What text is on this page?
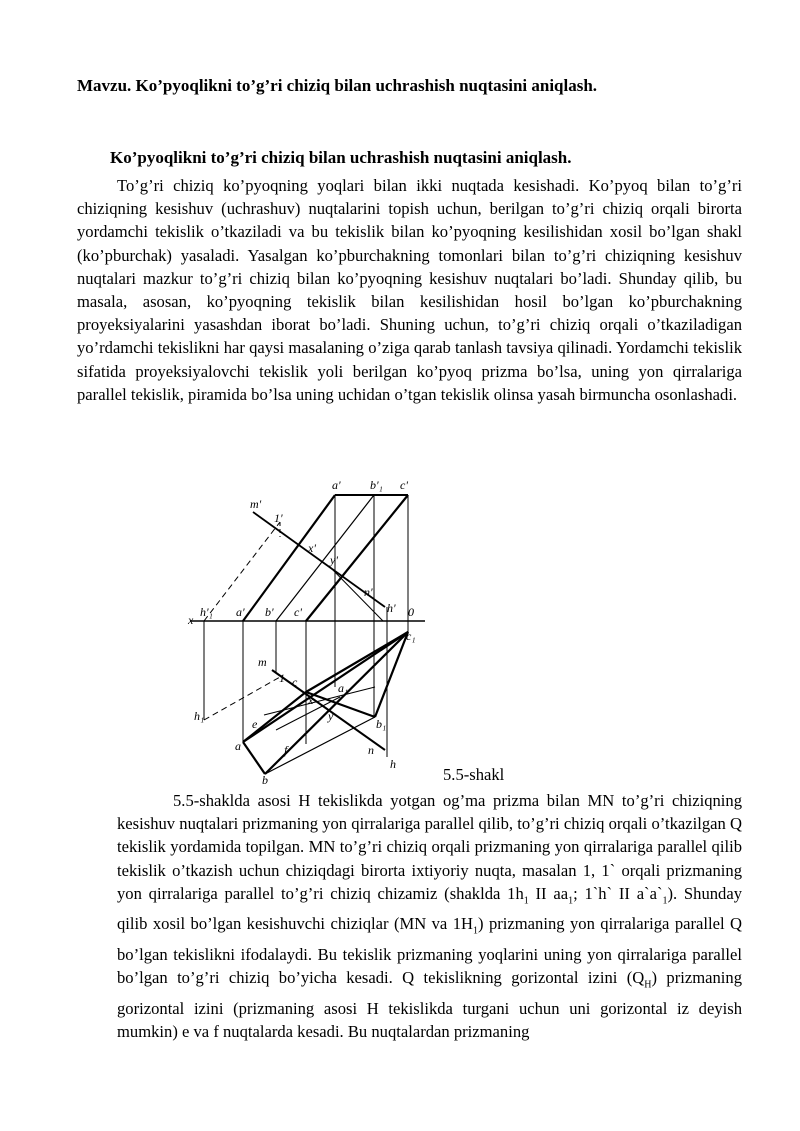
Mavzu. Ko’pyoqlikni to’g’ri chiziq bilan uchrashish nuqtasini aniqlash.
Ko’pyoqlikni to’g’ri chiziq bilan uchrashish nuqtasini aniqlash.
To’g’ri chiziq ko’pyoqning yoqlari bilan ikki nuqtada kesishadi. Ko’pyoq bilan to’g’ri chiziqning kesishuv (uchrashuv) nuqtalarini topish uchun, berilgan to’g’ri chiziq orqali birorta yordamchi tekislik o’tkaziladi va bu tekislik bilan ko’pyoqning kesilishidan xosil bo’lgan shakl (ko’pburchak) yasaladi. Yasalgan ko’pburchakning tomonlari bilan to’g’ri chiziqning kesishuv nuqtalari mazkur to’g’ri chiziq bilan ko’pyoqning kesishuv nuqtalari bo’ladi. Shunday qilib, bu masala, asosan, ko’pyoqning tekislik bilan kesilishidan hosil bo’lgan ko’pburchakning proyeksiyalarini yasashdan iborat bo’ladi. Shuning uchun, to’g’ri chiziq orqali o’tkaziladigan yo’rdamchi tekislikni har qaysi masalaning o’ziga qarab tanlash tavsiya qilinadi. Yordamchi tekislik sifatida proyeksiyalovchi tekislik yoli berilgan ko’pyoq prizma bo’lsa, uning yon qirralariga parallel tekislik, piramida bo’lsa uning uchidan o’tgan tekislik olinsa yasah birmuncha osonlashadi.
a' b'₁ c'
m'
1'
x'
y'
n'
h' 0
x
h'₁ a' b' c'
c₁
m
1 c	a₁
x
y
h₁
e	b₁
a	f	n
h
b	5.5-shakl
5.5-shaklda asosi H tekislikda yotgan og’ma prizma bilan MN to’g’ri chiziqning kesishuv nuqtalari prizmaning yon qirralariga parallel qilib, to’g’ri chiziq orqali o’tkazilgan Q tekislik yordamida topilgan. MN to’g’ri chiziq orqali prizmaning yon qirralariga parallel qilib tekislik o’tkazish uchun chiziqdagi birorta ixtiyoriy nuqta, masalan 1, 1` orqali prizmaning yon qirralariga parallel to’g’ri chiziq chizamiz (shaklda $1h_1$ II $aa_1$; 1`h` II $a`a`_1$). Shunday qilib xosil bo’lgan kesishuvchi chiziqlar (MN va $1H_1$) prizmaning yon qirralariga parallel Q bo’lgan tekislikni ifodalaydi. Bu tekislik prizmaning yoqlarini uning yon qirralariga parallel bo’lgan to’g’ri chiziq bo’yicha kesadi. Q tekislikning gorizontal izini $(Q_H)$ prizmaning gorizontal izini (prizmaning asosi H tekislikda turgani uchun uni gorizontal iz deyish mumkin) e va f nuqtalarda kesadi. Bu nuqtalardan prizmaning
